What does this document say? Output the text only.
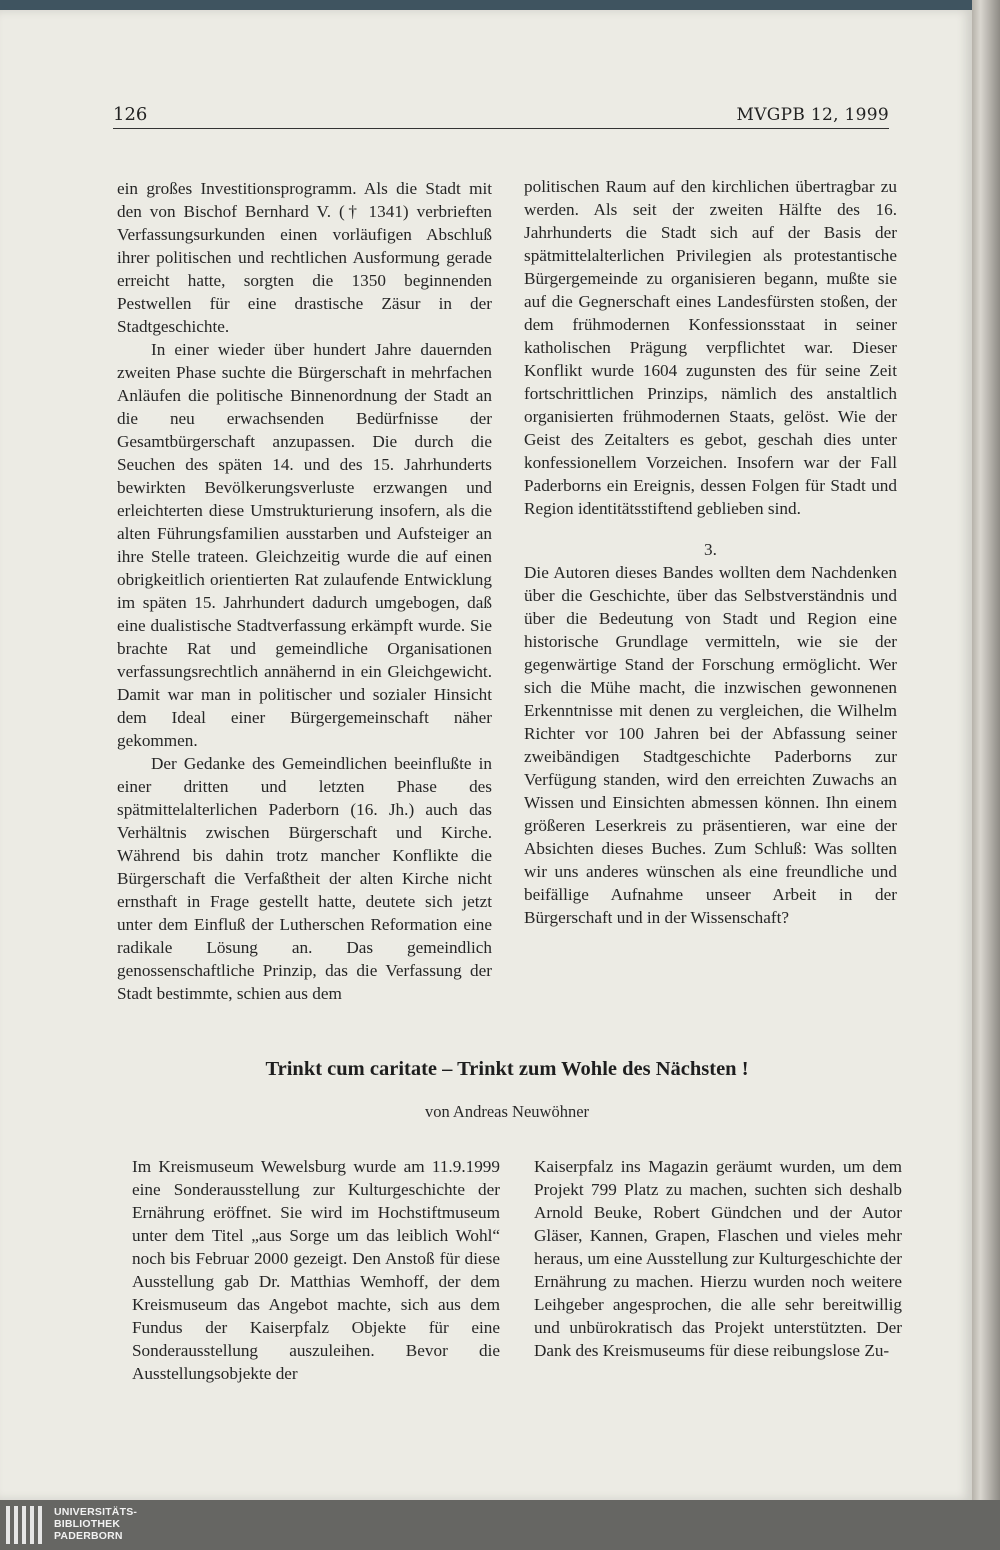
126	MVGPB 12, 1999

ein großes Investitionsprogramm. Als die Stadt mit den von Bischof Bernhard V. († 1341) verbrieften Verfassungsurkunden einen vorläufigen Abschluß ihrer politischen und rechtlichen Ausformung gerade erreicht hatte, sorgten die 1350 beginnenden Pestwellen für eine drastische Zäsur in der Stadtgeschichte.

In einer wieder über hundert Jahre dauernden zweiten Phase suchte die Bürgerschaft in mehrfachen Anläufen die politische Binnenordnung der Stadt an die neu erwachsenden Bedürfnisse der Gesamtbürgerschaft anzupassen. Die durch die Seuchen des späten 14. und des 15. Jahrhunderts bewirkten Bevölkerungsverluste erzwangen und erleichterten diese Umstrukturierung insofern, als die alten Führungsfamilien ausstarben und Aufsteiger an ihre Stelle trateen. Gleichzeitig wurde die auf einen obrigkeitlich orientierten Rat zulaufende Entwicklung im späten 15. Jahrhundert dadurch umgebogen, daß eine dualistische Stadtverfassung erkämpft wurde. Sie brachte Rat und gemeindliche Organisationen verfassungsrechtlich annähernd in ein Gleichgewicht. Damit war man in politischer und sozialer Hinsicht dem Ideal einer Bürgergemeinschaft näher gekommen.

Der Gedanke des Gemeindlichen beeinflußte in einer dritten und letzten Phase des spätmittelalterlichen Paderborn (16. Jh.) auch das Verhältnis zwischen Bürgerschaft und Kirche. Während bis dahin trotz mancher Konflikte die Bürgerschaft die Verfaßtheit der alten Kirche nicht ernsthaft in Frage gestellt hatte, deutete sich jetzt unter dem Einfluß der Lutherschen Reformation eine radikale Lösung an. Das gemeindlich genossenschaftliche Prinzip, das die Verfassung der Stadt bestimmte, schien aus dem

politischen Raum auf den kirchlichen übertragbar zu werden. Als seit der zweiten Hälfte des 16. Jahrhunderts die Stadt sich auf der Basis der spätmittelalterlichen Privilegien als protestantische Bürgergemeinde zu organisieren begann, mußte sie auf die Gegnerschaft eines Landesfürsten stoßen, der dem frühmodernen Konfessionsstaat in seiner katholischen Prägung verpflichtet war. Dieser Konflikt wurde 1604 zugunsten des für seine Zeit fortschrittlichen Prinzips, nämlich des anstaltlich organisierten frühmodernen Staats, gelöst. Wie der Geist des Zeitalters es gebot, geschah dies unter konfessionellem Vorzeichen. Insofern war der Fall Paderborns ein Ereignis, dessen Folgen für Stadt und Region identitätsstiftend geblieben sind.

3.

Die Autoren dieses Bandes wollten dem Nachdenken über die Geschichte, über das Selbstverständnis und über die Bedeutung von Stadt und Region eine historische Grundlage vermitteln, wie sie der gegenwärtige Stand der Forschung ermöglicht. Wer sich die Mühe macht, die inzwischen gewonnenen Erkenntnisse mit denen zu vergleichen, die Wilhelm Richter vor 100 Jahren bei der Abfassung seiner zweibändigen Stadtgeschichte Paderborns zur Verfügung standen, wird den erreichten Zuwachs an Wissen und Einsichten abmessen können. Ihn einem größeren Leserkreis zu präsentieren, war eine der Absichten dieses Buches. Zum Schluß: Was sollten wir uns anderes wünschen als eine freundliche und beifällige Aufnahme unseer Arbeit in der Bürgerschaft und in der Wissenschaft?

Trinkt cum caritate – Trinkt zum Wohle des Nächsten !
von Andreas Neuwöhner

Im Kreismuseum Wewelsburg wurde am 11.9.1999 eine Sonderausstellung zur Kulturgeschichte der Ernährung eröffnet. Sie wird im Hochstiftmuseum unter dem Titel „aus Sorge um das leiblich Wohl“ noch bis Februar 2000 gezeigt. Den Anstoß für diese Ausstellung gab Dr. Matthias Wemhoff, der dem Kreismuseum das Angebot machte, sich aus dem Fundus der Kaiserpfalz Objekte für eine Sonderausstellung auszuleihen. Bevor die Ausstellungsobjekte der

Kaiserpfalz ins Magazin geräumt wurden, um dem Projekt 799 Platz zu machen, suchten sich deshalb Arnold Beuke, Robert Gündchen und der Autor Gläser, Kannen, Grapen, Flaschen und vieles mehr heraus, um eine Ausstellung zur Kulturgeschichte der Ernährung zu machen. Hierzu wurden noch weitere Leihgeber angesprochen, die alle sehr bereitwillig und unbürokratisch das Projekt unterstützten. Der Dank des Kreismuseums für diese reibungslose Zu-

UNIVERSITÄTS-
BIBLIOTHEK
PADERBORN
